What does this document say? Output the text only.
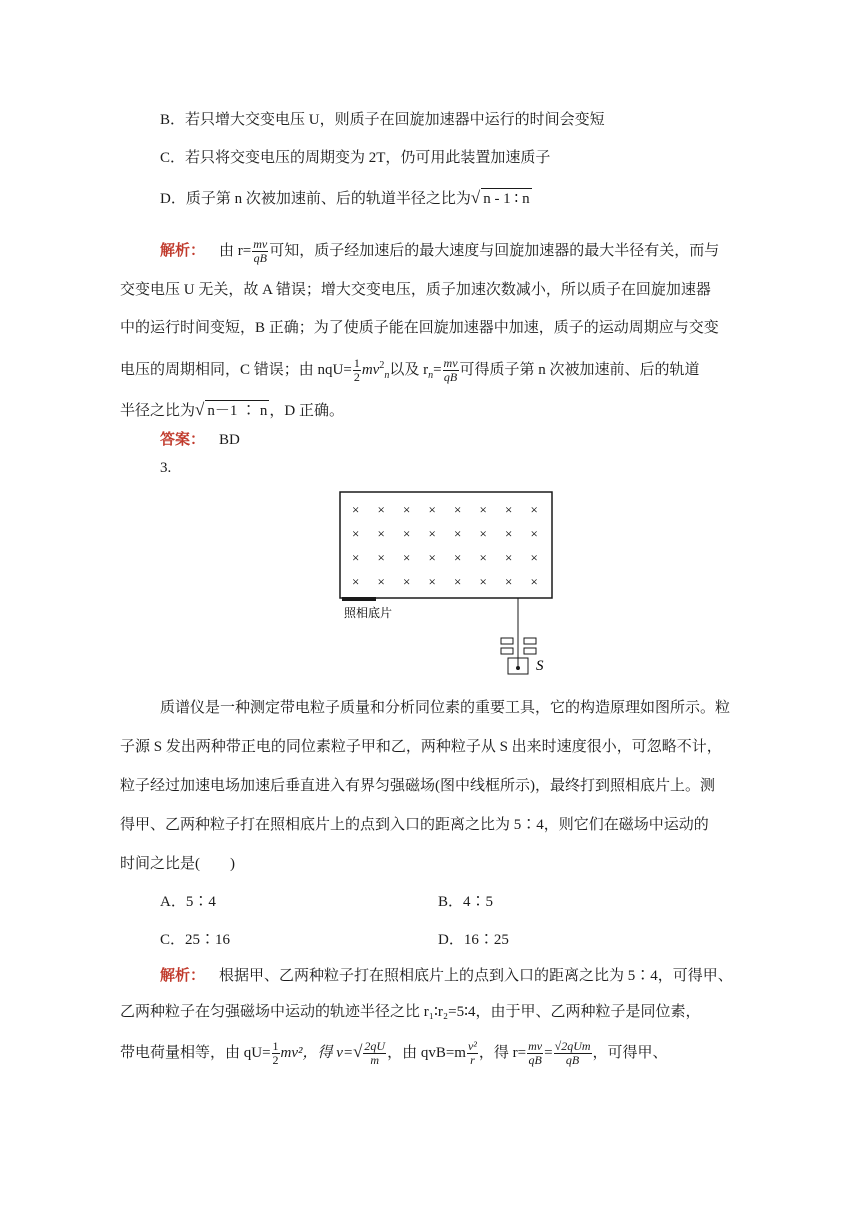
B．若只增大交变电压 U，则质子在回旋加速器中运行的时间会变短
C．若只将交变电压的周期变为 2T，仍可用此装置加速质子
D．质子第 n 次被加速前、后的轨道半径之比为√ n - 1 ∶ n
解析： 由 $r= \frac{mv}{qB}$ 可知，质子经加速后的最大速度与回旋加速器的最大半径有关，而与
交变电压 U 无关，故 A 错误；增大交变电压，质子加速次数减小，所以质子在回旋加速器
中的运行时间变短，B 正确；为了使质子能在回旋加速器中加速，质子的运动周期应与交变
电压的周期相同，C 错误；由 $nqU= \frac{1}{2} mv^2_n$以及 $r_n= \frac{mv}{qB}$ 可得质子第 n 次被加速前、后的轨道
半径之比为√ n－1 ∶ n ，D 正确。
答案： BD
3.
× × × × × × × ×
× × × × × × × ×
× × × × × × × ×
× × × × × × × ×
照相底片
S
质谱仪是一种测定带电粒子质量和分析同位素的重要工具，它的构造原理如图所示。粒
子源 S 发出两种带正电的同位素粒子甲和乙，两种粒子从 S 出来时速度很小，可忽略不计，
粒子经过加速电场加速后垂直进入有界匀强磁场(图中线框所示)，最终打到照相底片上。测
得甲、乙两种粒子打在照相底片上的点到入口的距离之比为 5∶4，则它们在磁场中运动的
时间之比是(　　)
A．5∶4	B．4∶5
C．25∶16	D．16∶25
解析： 根据甲、乙两种粒子打在照相底片上的点到入口的距离之比为 5∶4，可得甲、
乙两种粒子在匀强磁场中运动的轨迹半径之比 r₁∶r₂=5∶4，由于甲、乙两种粒子是同位素，
带电荷量相等，由 $qU= \frac{1}{2} mv^2$，得 $v=√ \frac{2qU}{m}$ ，由 $qvB=m \frac{\text{v²}}{r}$ ，得 $r= \frac{mv}{qB} = \frac{\text{√2qUm}}{qB}$ ，可得甲、
